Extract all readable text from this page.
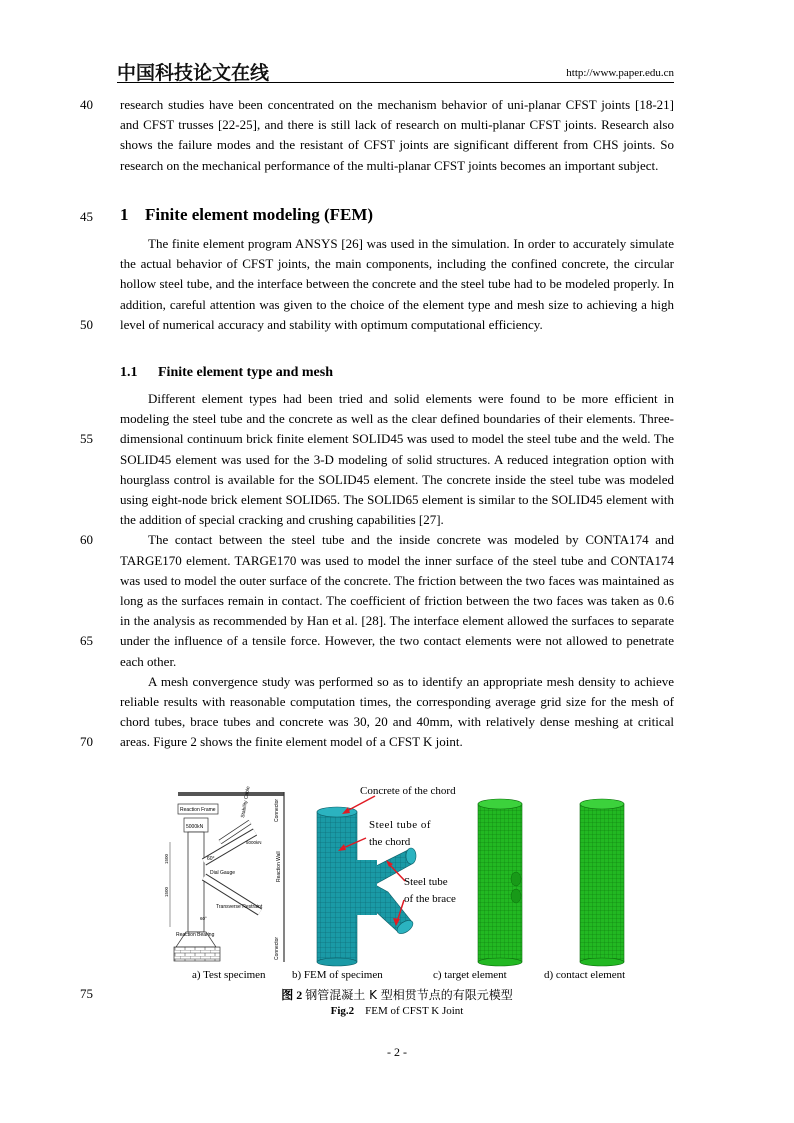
中国科技论文在线	http://www.paper.edu.cn
40
45
50
55
60
65
70
75

research studies have been concentrated on the mechanism behavior of uni-planar CFST joints [18-21] and CFST trusses [22-25], and there is still lack of research on multi-planar CFST joints. Research also shows the failure modes and the resistant of CFST joints are significant different from CHS joints. So research on the mechanical performance of the multi-planar CFST joints becomes an important subject.

1 Finite element modeling (FEM)

The finite element program ANSYS [26] was used in the simulation. In order to accurately simulate the actual behavior of CFST joints, the main components, including the confined concrete, the circular hollow steel tube, and the interface between the concrete and the steel tube had to be modeled properly. In addition, careful attention was given to the choice of the element type and mesh size to achieving a high level of numerical accuracy and stability with optimum computational efficiency.

1.1 Finite element type and mesh

Different element types had been tried and solid elements were found to be more efficient in modeling the steel tube and the concrete as well as the clear defined boundaries of their elements. Three-dimensional continuum brick finite element SOLID45 was used to model the steel tube and the weld. The SOLID45 element was used for the 3-D modeling of solid structures. A reduced integration option with hourglass control is available for the SOLID45 element. The concrete inside the steel tube was modeled using eight-node brick element SOLID65. The SOLID65 element is similar to the SOLID45 element with the addition of special cracking and crushing capabilities [27].

The contact between the steel tube and the inside concrete was modeled by CONTA174 and TARGE170 element. TARGE170 was used to model the inner surface of the steel tube and CONTA174 was used to model the outer surface of the concrete. The friction between the two faces was maintained as long as the surfaces remain in contact. The coefficient of friction between the two faces was taken as 0.6 in the analysis as recommended by Han et al. [28]. The interface element allowed the surfaces to separate under the influence of a tensile force. However, the two contact elements were not allowed to penetrate each other.

A mesh convergence study was performed so as to identify an appropriate mesh density to achieve reliable results with reasonable computation times, the corresponding average grid size for the mesh of chord tubes, brace tubes and concrete was 30, 20 and 40mm, with relatively dense meshing at critical areas. Figure 2 shows the finite element model of a CFST K joint.

Reaction Frame
5000kN
Dial Gauge
60°
Transverse Restraint
5000kN
60°
Reaction Wall
Stability Cable	Connector
Connector
1500
1500
Reaction Bearing
Concrete of the chord
Steel tube of
the chord
Steel tube
of the brace
a) Test specimen b) FEM of specimen	c) target element	d) contact element
图 2 钢管混凝土 K 型相贯节点的有限元模型
Fig.2 FEM of CFST K Joint
- 2 -
